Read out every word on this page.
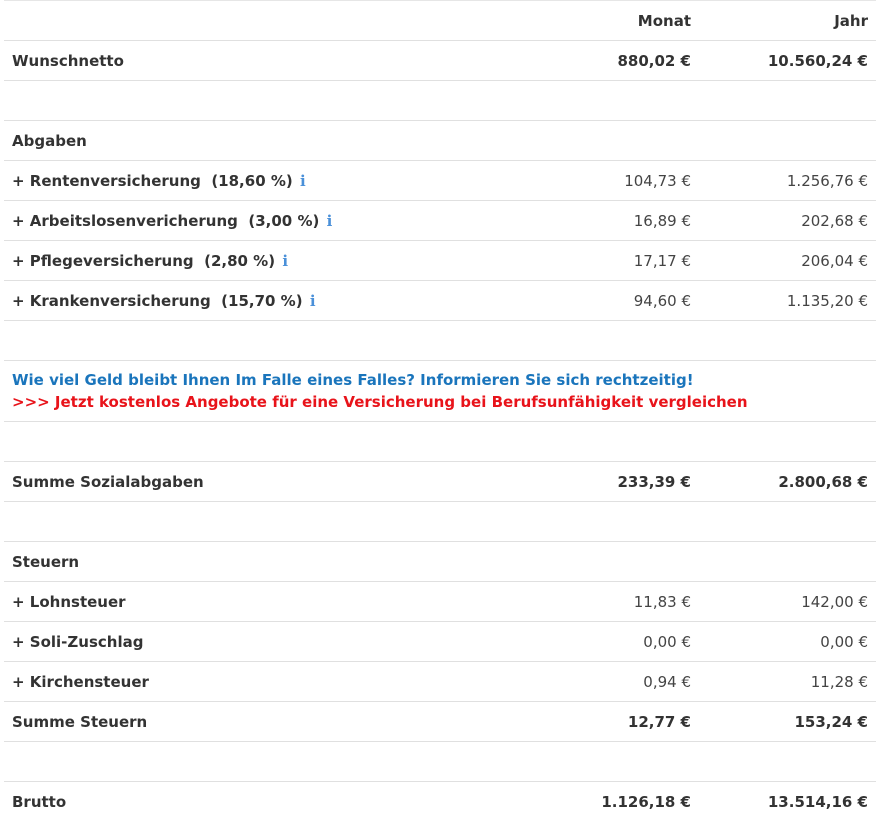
	Monat	Jahr
Wunschnetto	880,02 €	10.560,24 €

Abgaben		
+ Rentenversicherung (18,60 %) i	104,73 €	1.256,76 €
+ Arbeitslosenvericherung (3,00 %) i	16,89 €	202,68 €
+ Pflegeversicherung (2,80 %) i	17,17 €	206,04 €
+ Krankenversicherung (15,70 %) i	94,60 €	1.135,20 €

Wie viel Geld bleibt Ihnen Im Falle eines Falles? Informieren Sie sich rechtzeitig!
>>> Jetzt kostenlos Angebote für eine Versicherung bei Berufsunfähigkeit vergleichen		

Summe Sozialabgaben	233,39 €	2.800,68 €

Steuern		
+ Lohnsteuer	11,83 €	142,00 €
+ Soli-Zuschlag	0,00 €	0,00 €
+ Kirchensteuer	0,94 €	11,28 €
Summe Steuern	12,77 €	153,24 €

Brutto	1.126,18 €	13.514,16 €
